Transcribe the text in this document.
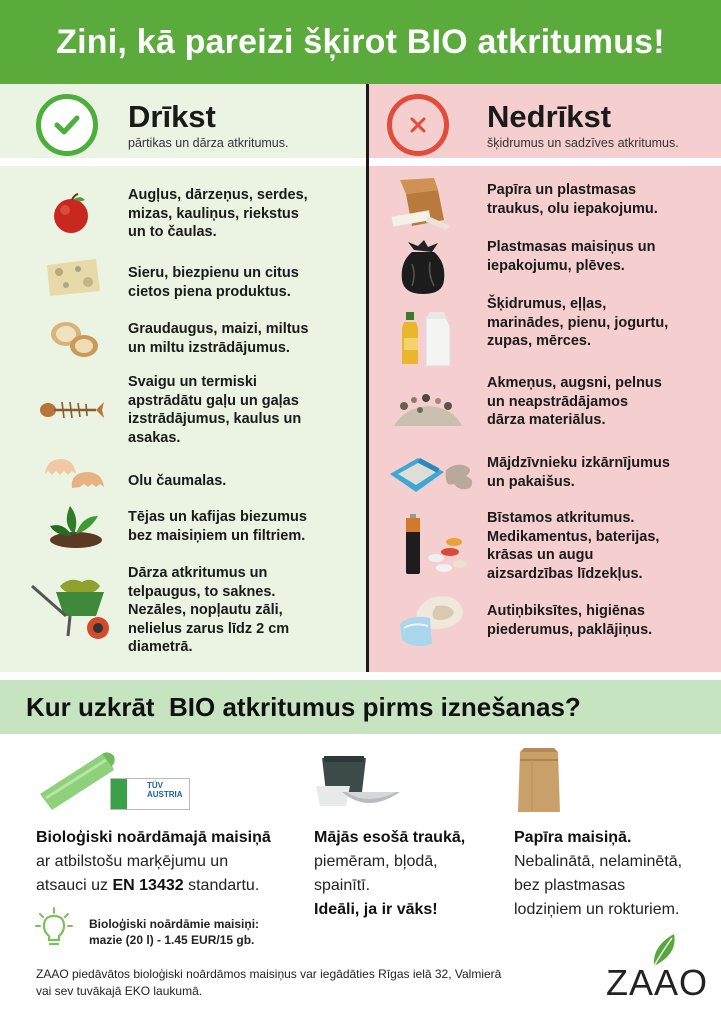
Zini, kā pareizi šķirot BIO atkritumus!
Drīkst
pārtikas un dārza atkritumus.
Nedrīkst
šķidrumus un sadzīves atkritumus.
Augļus, dārzeņus, serdes,
mizas, kauliņus, riekstus
un to čaulas.
Sieru, biezpienu un citus
cietos piena produktus.
Graudaugus, maizi, miltus
un miltu izstrādājumus.
Svaigu un termiski
apstrādātu gaļu un gaļas
izstrādājumus, kaulus un
asakas.
Olu čaumalas.
Tējas un kafijas biezumus
bez maisiņiem un filtriem.
Dārza atkritumus un
telpaugus, to saknes.
Nezāles, nopļautu zāli,
nelielus zarus līdz 2 cm
diametrā.
Papīra un plastmasas
traukus, olu iepakojumu.
Plastmasas maisiņus un
iepakojumu, plēves.
Šķidrumus, eļļas,
marinādes, pienu, jogurtu,
zupas, mērces.
Akmeņus, augsni, pelnus
un neapstrādājamos
dārza materiālus.
Mājdzīvnieku izkārnījumus
un pakaišus.
Bīstamos atkritumus.
Medikamentus, baterijas,
krāsas un augu
aizsardzības līdzekļus.
Autiņbiksītes, higiēnas
piederumus, paklājiņus.
Kur uzkrāt  BIO atkritumus pirms iznešanas?
TÜV AUSTRIA
Bioloģiski noārdāmajā maisiņā
ar atbilstošu marķējumu un
atsauci uz EN 13432 standartu.
Bioloģiski noārdāmie maisiņi:
mazie (20 l) - 1.45 EUR/15 gb.
Mājās esošā traukā,
piemēram, bļodā,
spainītī.
Ideāli, ja ir vāks!
Papīra maisiņā.
Nebalinātā, nelaminētā,
bez plastmasas
lodziņiem un rokturiem.
ZAAO piedāvātos bioloģiski noārdāmos maisiņus var iegādāties Rīgas ielā 32, Valmierā
vai sev tuvākajā EKO laukumā.	ZAAO
